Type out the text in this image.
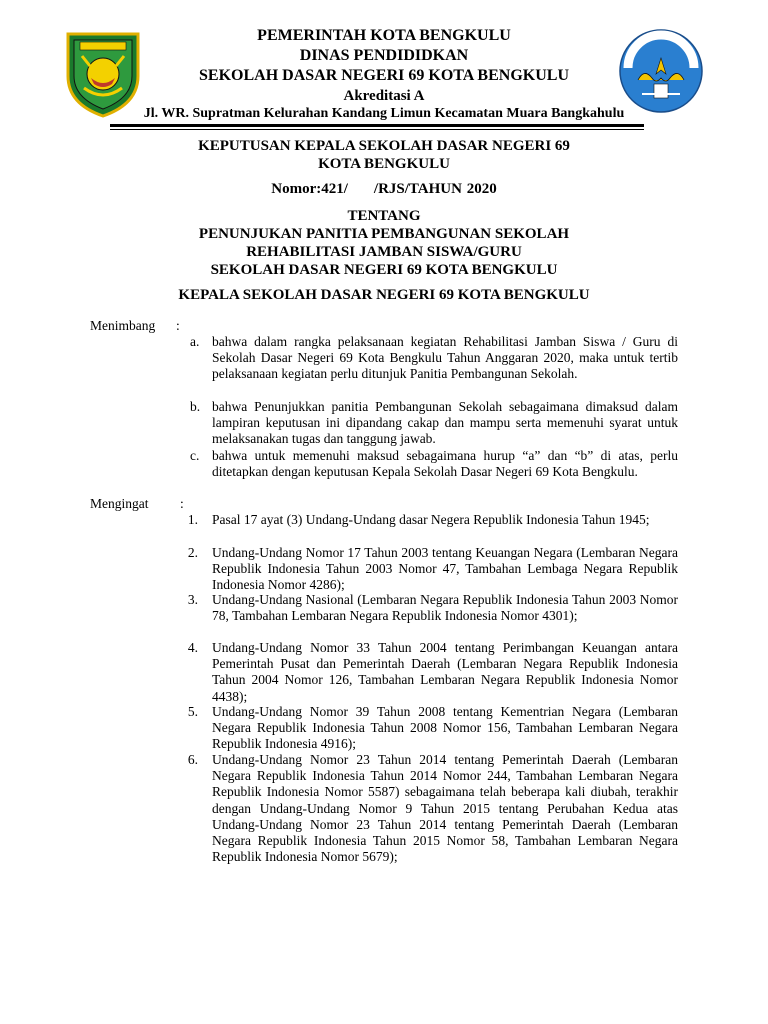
PEMERINTAH KOTA BENGKULU
DINAS PENDIDIDKAN
SEKOLAH DASAR NEGERI 69 KOTA BENGKULU
Akreditasi A
Jl. WR. Supratman Kelurahan Kandang Limun Kecamatan Muara Bangkahulu
KEPUTUSAN KEPALA SEKOLAH DASAR NEGERI 69
KOTA BENGKULU
Nomor:421/ /RJS/TAHUN 2020
TENTANG
PENUNJUKAN PANITIA PEMBANGUNAN SEKOLAH
REHABILITASI JAMBAN SISWA/GURU
SEKOLAH DASAR NEGERI 69 KOTA BENGKULU
KEPALA SEKOLAH DASAR NEGERI 69 KOTA BENGKULU
Menimbang :
a. bahwa dalam rangka pelaksanaan kegiatan Rehabilitasi Jamban Siswa / Guru di Sekolah Dasar Negeri 69 Kota Bengkulu Tahun Anggaran 2020, maka untuk tertib pelaksanaan kegiatan perlu ditunjuk Panitia Pembangunan Sekolah.
b. bahwa Penunjukkan panitia Pembangunan Sekolah sebagaimana dimaksud dalam lampiran keputusan ini dipandang cakap dan mampu serta memenuhi syarat untuk melaksanakan tugas dan tanggung jawab.
c. bahwa untuk memenuhi maksud sebagaimana hurup “a” dan “b” di atas, perlu ditetapkan dengan keputusan Kepala Sekolah Dasar Negeri 69 Kota Bengkulu.
Mengingat :
1. Pasal 17 ayat (3) Undang-Undang dasar Negera Republik Indonesia Tahun 1945;
2. Undang-Undang Nomor 17 Tahun 2003 tentang Keuangan Negara (Lembaran Negara Republik Indonesia Tahun 2003 Nomor 47, Tambahan Lembaga Negara Republik Indonesia Nomor 4286);
3. Undang-Undang Nasional (Lembaran Negara Republik Indonesia Tahun 2003 Nomor 78, Tambahan Lembaran Negara Republik Indonesia Nomor 4301);
4. Undang-Undang Nomor 33 Tahun 2004 tentang Perimbangan Keuangan antara Pemerintah Pusat dan Pemerintah Daerah (Lembaran Negara Republik Indonesia Tahun 2004 Nomor 126, Tambahan Lembaran Negara Republik Indonesia Nomor 4438);
5. Undang-Undang Nomor 39 Tahun 2008 tentang Kementrian Negara (Lembaran Negara Republik Indonesia Tahun 2008 Nomor 156, Tambahan Lembaran Negara Republik Indonesia 4916);
6. Undang-Undang Nomor 23 Tahun 2014 tentang Pemerintah Daerah (Lembaran Negara Republik Indonesia Tahun 2014 Nomor 244, Tambahan Lembaran Negara Republik Indonesia Nomor 5587) sebagaimana telah beberapa kali diubah, terakhir dengan Undang-Undang Nomor 9 Tahun 2015 tentang Perubahan Kedua atas Undang-Undang Nomor 23 Tahun 2014 tentang Pemerintah Daerah (Lembaran Negara Republik Indonesia Tahun 2015 Nomor 58, Tambahan Lembaran Negara Republik Indonesia Nomor 5679);
